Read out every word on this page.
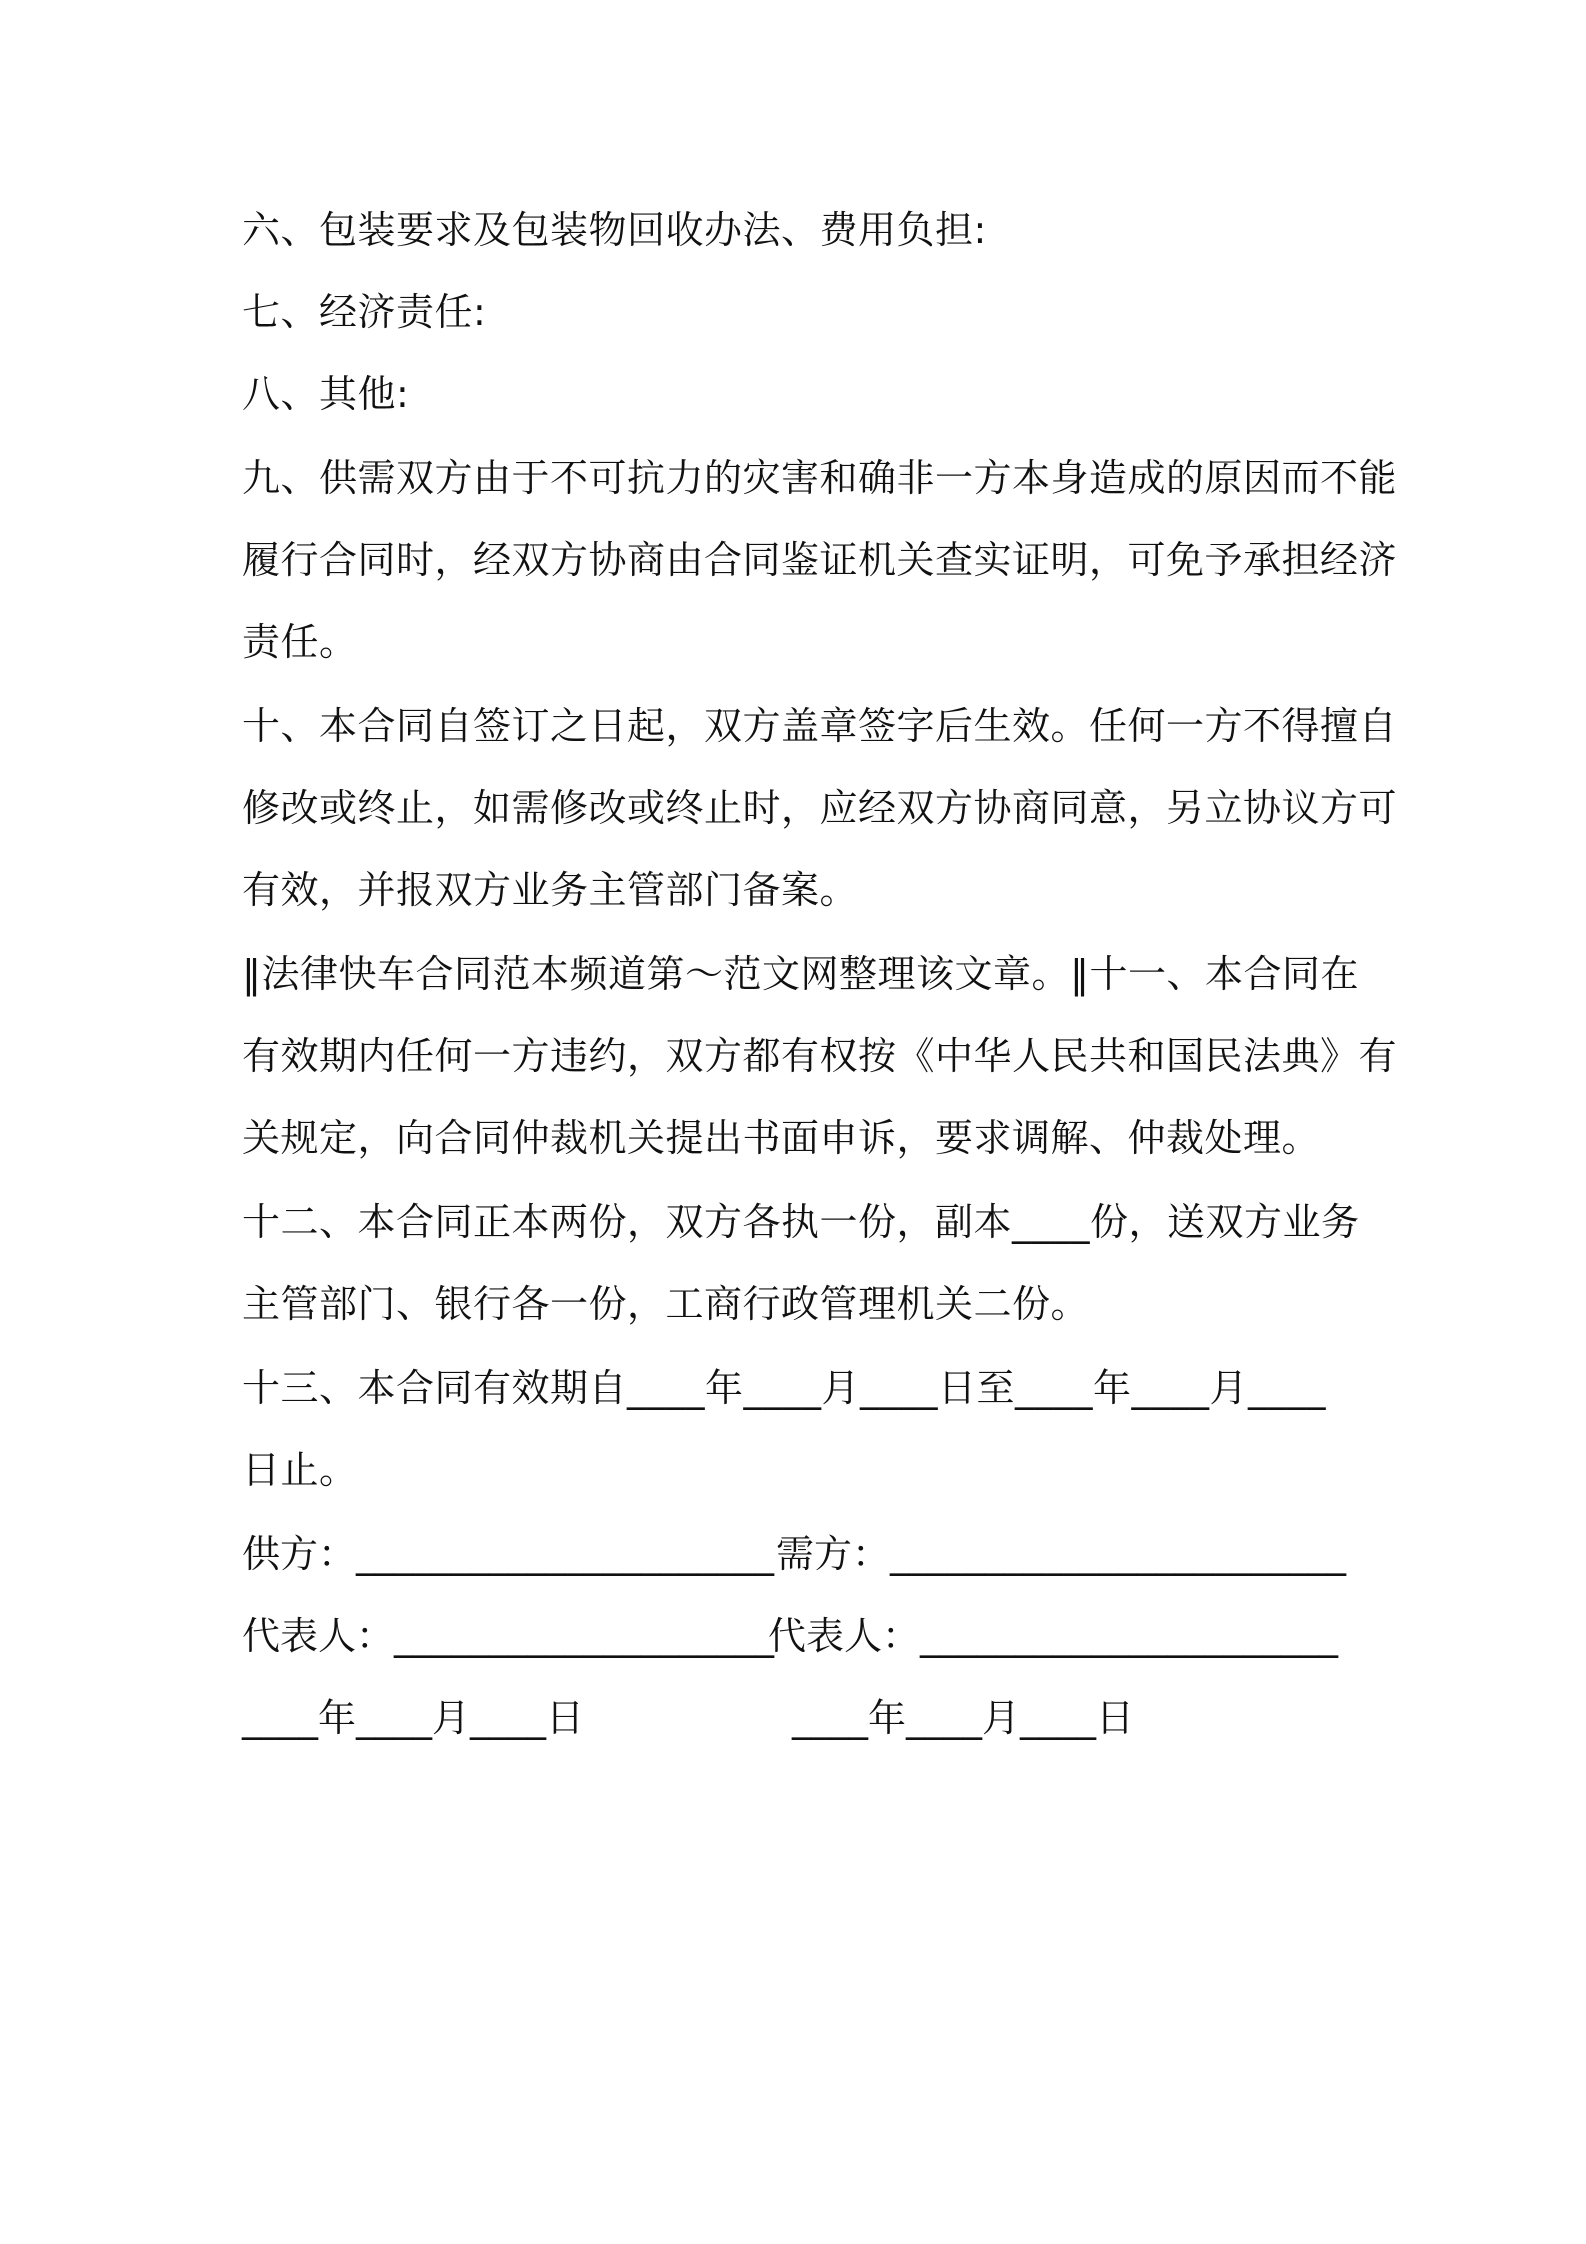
六、包装要求及包装物回收办法、费用负担:
七、经济责任:
八、其他:
九、供需双方由于不可抗力的灾害和确非一方本身造成的原因而不能
履行合同时，经双方协商由合同鉴证机关查实证明，可免予承担经济
责任。
十、本合同自签订之日起，双方盖章签字后生效。任何一方不得擅自
修改或终止，如需修改或终止时，应经双方协商同意，另立协议方可
有效，并报双方业务主管部门备案。
‖法律快车合同范本频道第～范文网整理该文章。‖十一、本合同在
有效期内任何一方违约，双方都有权按《中华人民共和国民法典》有
关规定，向合同仲裁机关提出书面申诉，要求调解、仲裁处理。
十二、本合同正本两份，双方各执一份，副本____份，送双方业务
主管部门、银行各一份，工商行政管理机关二份。
十三、本合同有效期自____年____月____日至____年____月____
日止。
供方：______________________ 需方：________________________
代表人：____________________
代表人：______________________
____年____月____日	____年____月____日
